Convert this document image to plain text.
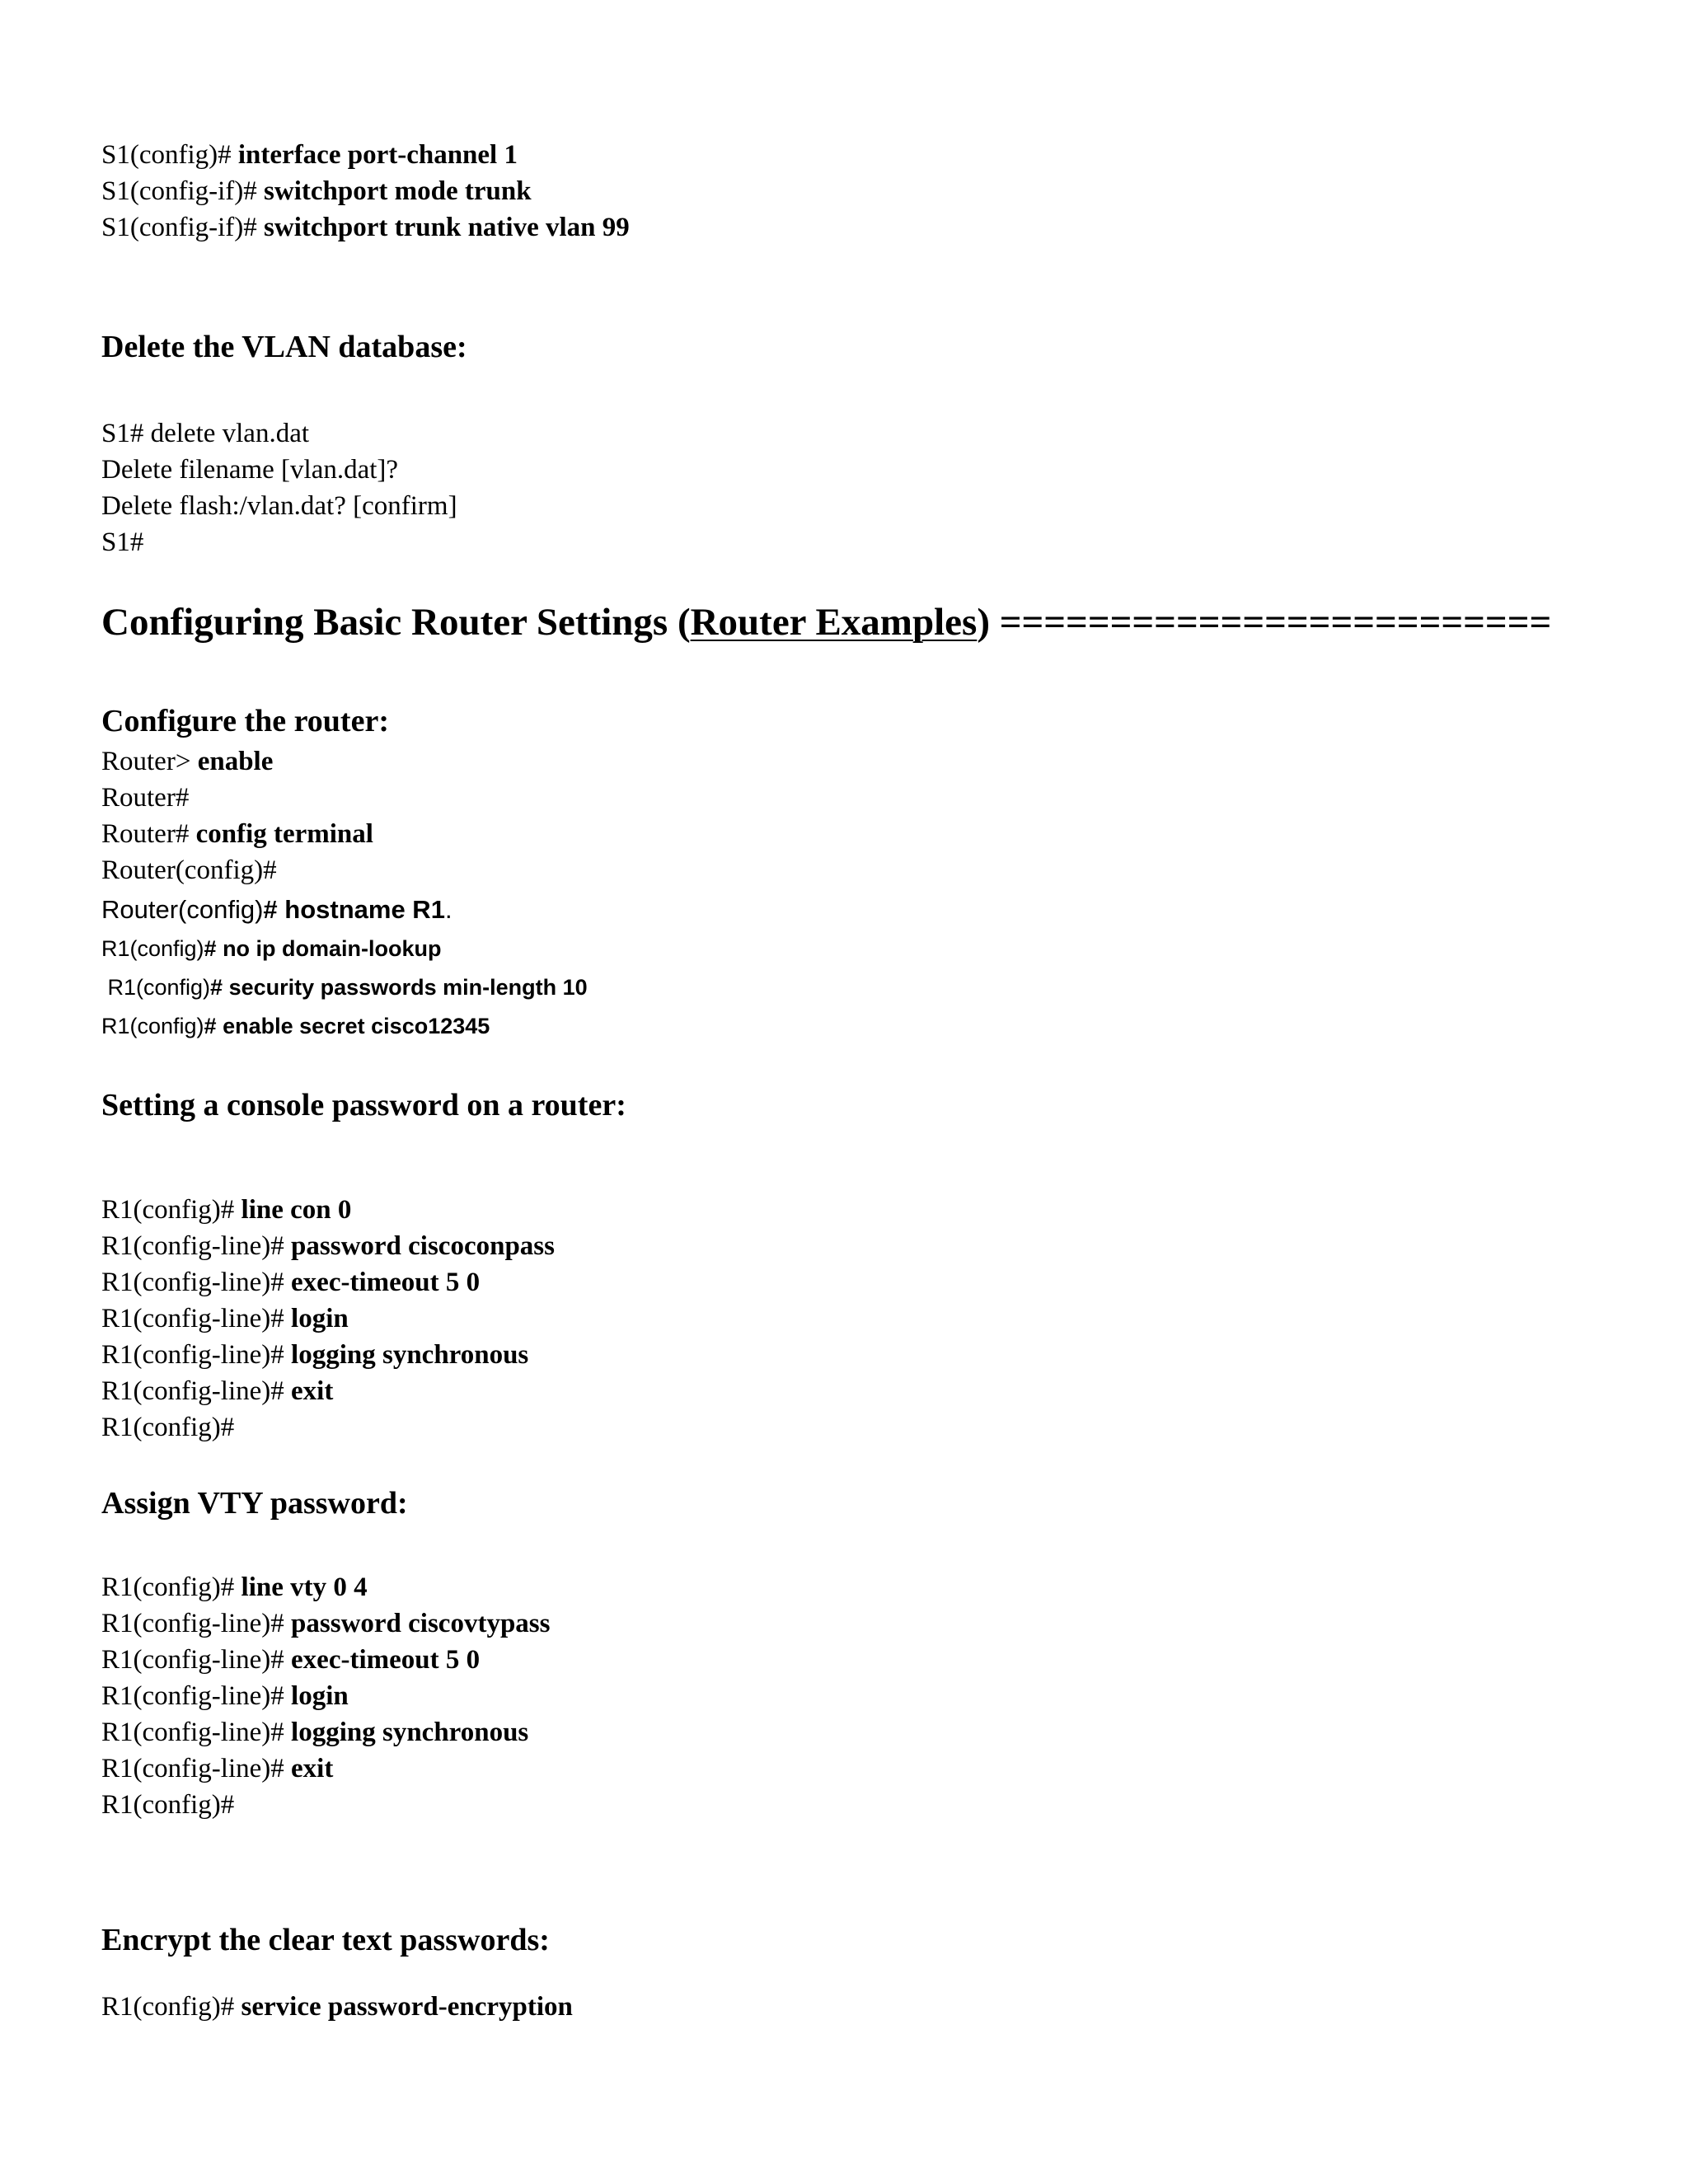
S1(config)# interface port-channel 1
S1(config-if)# switchport mode trunk
S1(config-if)# switchport trunk native vlan 99
Delete the VLAN database:
S1# delete vlan.dat
Delete filename [vlan.dat]?
Delete flash:/vlan.dat? [confirm]
S1#
Configuring Basic Router Settings (Router Examples) =========================
Configure the router:
Router> enable
Router#
Router# config terminal
Router(config)#
Router(config)# hostname R1.
R1(config)# no ip domain-lookup
R1(config)# security passwords min-length 10
R1(config)# enable secret cisco12345
Setting a console password on a router:
R1(config)# line con 0
R1(config-line)# password ciscoconpass
R1(config-line)# exec-timeout 5 0
R1(config-line)# login
R1(config-line)# logging synchronous
R1(config-line)# exit
R1(config)#
Assign VTY password:
R1(config)# line vty 0 4
R1(config-line)# password ciscovtypass
R1(config-line)# exec-timeout 5 0
R1(config-line)# login
R1(config-line)# logging synchronous
R1(config-line)# exit
R1(config)#
Encrypt the clear text passwords:
R1(config)# service password-encryption
